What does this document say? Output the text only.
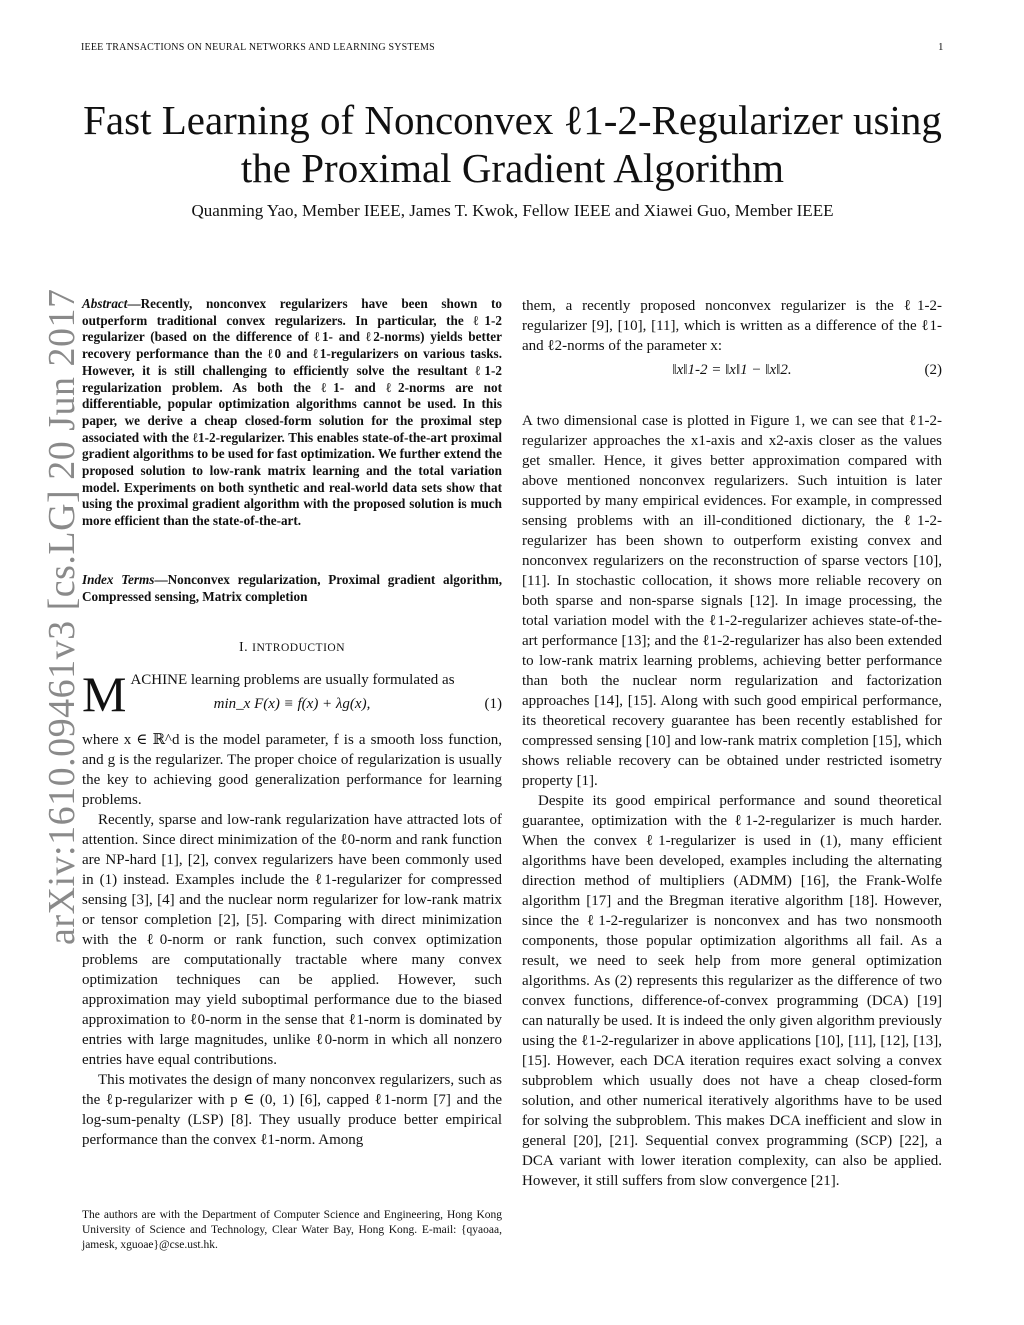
IEEE TRANSACTIONS ON NEURAL NETWORKS AND LEARNING SYSTEMS	1
arXiv:1610.09461v3 [cs.LG] 20 Jun 2017
Fast Learning of Nonconvex ℓ1-2-Regularizer using
the Proximal Gradient Algorithm
Quanming Yao, Member IEEE, James T. Kwok, Fellow IEEE and Xiawei Guo, Member IEEE
Abstract—Recently, nonconvex regularizers have been shown to outperform traditional convex regularizers. In particular, the ℓ1-2 regularizer (based on the difference of ℓ1- and ℓ2-norms) yields better recovery performance than the ℓ0 and ℓ1-regularizers on various tasks. However, it is still challenging to efficiently solve the resultant ℓ1-2 regularization problem. As both the ℓ1- and ℓ2-norms are not differentiable, popular optimization algorithms cannot be used. In this paper, we derive a cheap closed-form solution for the proximal step associated with the ℓ1-2-regularizer. This enables state-of-the-art proximal gradient algorithms to be used for fast optimization. We further extend the proposed solution to low-rank matrix learning and the total variation model. Experiments on both synthetic and real-world data sets show that using the proximal gradient algorithm with the proposed solution is much more efficient than the state-of-the-art.
Index Terms—Nonconvex regularization, Proximal gradient algorithm, Compressed sensing, Matrix completion
I. INTRODUCTION

MACHINE learning problems are usually formulated as

min_x F(x) ≡ f(x) + λg(x),	(1)

where x ∈ ℝ^d is the model parameter, f is a smooth loss function, and g is the regularizer. The proper choice of regularization is usually the key to achieving good generalization performance for learning problems.

Recently, sparse and low-rank regularization have attracted lots of attention. Since direct minimization of the ℓ0-norm and rank function are NP-hard [1], [2], convex regularizers have been commonly used in (1) instead. Examples include the ℓ1-regularizer for compressed sensing [3], [4] and the nuclear norm regularizer for low-rank matrix or tensor completion [2], [5]. Comparing with direct minimization with the ℓ0-norm or rank function, such convex optimization problems are computationally tractable where many convex optimization techniques can be applied. However, such approximation may yield suboptimal performance due to the biased approximation to ℓ0-norm in the sense that ℓ1-norm is dominated by entries with large magnitudes, unlike ℓ0-norm in which all nonzero entries have equal contributions.

This motivates the design of many nonconvex regularizers, such as the ℓp-regularizer with p ∈ (0, 1) [6], capped ℓ1-norm [7] and the log-sum-penalty (LSP) [8]. They usually produce better empirical performance than the convex ℓ1-norm. Among

The authors are with the Department of Computer Science and Engineering, Hong Kong University of Science and Technology, Clear Water Bay, Hong Kong. E-mail: {qyaoaa, jamesk, xguoae}@cse.ust.hk.

them, a recently proposed nonconvex regularizer is the ℓ1-2-regularizer [9], [10], [11], which is written as a difference of the ℓ1- and ℓ2-norms of the parameter x:

‖x‖1-2 = ‖x‖1 − ‖x‖2.	(2)

A two dimensional case is plotted in Figure 1, we can see that ℓ1-2-regularizer approaches the x1-axis and x2-axis closer as the values get smaller. Hence, it gives better approximation compared with above mentioned nonconvex regularizers. Such intuition is later supported by many empirical evidences. For example, in compressed sensing problems with an ill-conditioned dictionary, the ℓ1-2-regularizer has been shown to outperform existing convex and nonconvex regularizers on the reconstruction of sparse vectors [10], [11]. In stochastic collocation, it shows more reliable recovery on both sparse and non-sparse signals [12]. In image processing, the total variation model with the ℓ1-2-regularizer achieves state-of-the-art performance [13]; and the ℓ1-2-regularizer has also been extended to low-rank matrix learning problems, achieving better performance than both the nuclear norm regularization and factorization approaches [14], [15]. Along with such good empirical performance, its theoretical recovery guarantee has been recently established for compressed sensing [10] and low-rank matrix completion [15], which shows reliable recovery can be obtained under restricted isometry property [1].

Despite its good empirical performance and sound theoretical guarantee, optimization with the ℓ1-2-regularizer is much harder. When the convex ℓ1-regularizer is used in (1), many efficient algorithms have been developed, examples including the alternating direction method of multipliers (ADMM) [16], the Frank-Wolfe algorithm [17] and the Bregman iterative algorithm [18]. However, since the ℓ1-2-regularizer is nonconvex and has two nonsmooth components, those popular optimization algorithms all fail. As a result, we need to seek help from more general optimization algorithms. As (2) represents this regularizer as the difference of two convex functions, difference-of-convex programming (DCA) [19] can naturally be used. It is indeed the only given algorithm previously using the ℓ1-2-regularizer in above applications [10], [11], [12], [13], [15]. However, each DCA iteration requires exact solving a convex subproblem which usually does not have a cheap closed-form solution, and other numerical iteratively algorithms have to be used for solving the subproblem. This makes DCA inefficient and slow in general [20], [21]. Sequential convex programming (SCP) [22], a DCA variant with lower iteration complexity, can also be applied. However, it still suffers from slow convergence [21].
